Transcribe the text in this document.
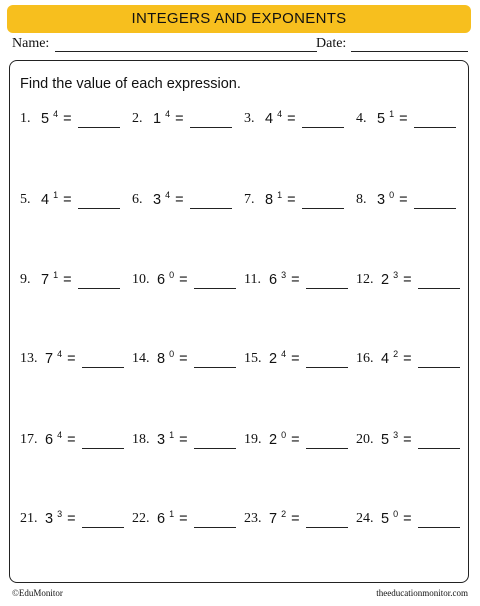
INTEGERS AND EXPONENTS
Name:	Date:
Find the value of each expression.
1. 5 $^4$ =	2. 1 $^4$ =	3. 4 $^4$ =	4. 5 $^1$ =
5. 4 $^1$ =	6. 3 $^4$ =	7. 8 $^1$ =	8. 3 $^0$ =
9. 7 $^1$ =	10. 6 $^0$ =	11. 6 $^3$ =	12. 2 $^3$ =
13. 7 $^4$ =	14. 8 $^0$ =	15. 2 $^4$ =	16. 4 $^2$ =
17. 6 $^4$ =	18. 3 $^1$ =	19. 2 $^0$ =	20. 5 $^3$ =
21. 3 $^3$ =	22. 6 $^1$ =	23. 7 $^2$ =	24. 5 $^0$ =
©EduMonitor	theeducationmonitor.com
